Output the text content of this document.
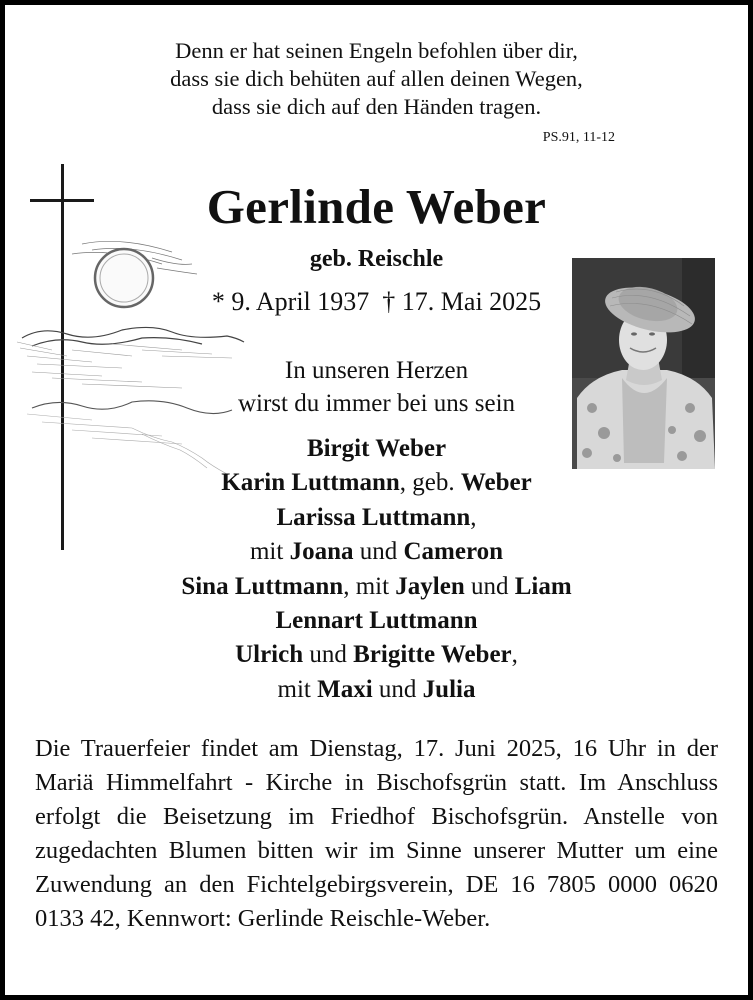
Denn er hat seinen Engeln befohlen über dir,
dass sie dich behüten auf allen deinen Wegen,
dass sie dich auf den Händen tragen.
PS.91, 11-12
Gerlinde Weber
geb. Reischle
* 9. April 1937 † 17. Mai 2025
In unseren Herzen
wirst du immer bei uns sein
Birgit Weber
Karin Luttmann, geb. Weber
Larissa Luttmann,
mit Joana und Cameron
Sina Luttmann, mit Jaylen und Liam
Lennart Luttmann
Ulrich und Brigitte Weber,
mit Maxi und Julia
Die Trauerfeier findet am Dienstag, 17. Juni 2025, 16 Uhr in der Mariä Himmelfahrt - Kirche in Bischofsgrün statt. Im Anschluss erfolgt die Beisetzung im Friedhof Bischofsgrün. Anstelle von zugedachten Blumen bitten wir im Sinne unserer Mutter um eine Zuwendung an den Fichtelgebirgsverein, DE 16 7805 0000 0620 0133 42, Kennwort: Gerlinde Reischle-Weber.
